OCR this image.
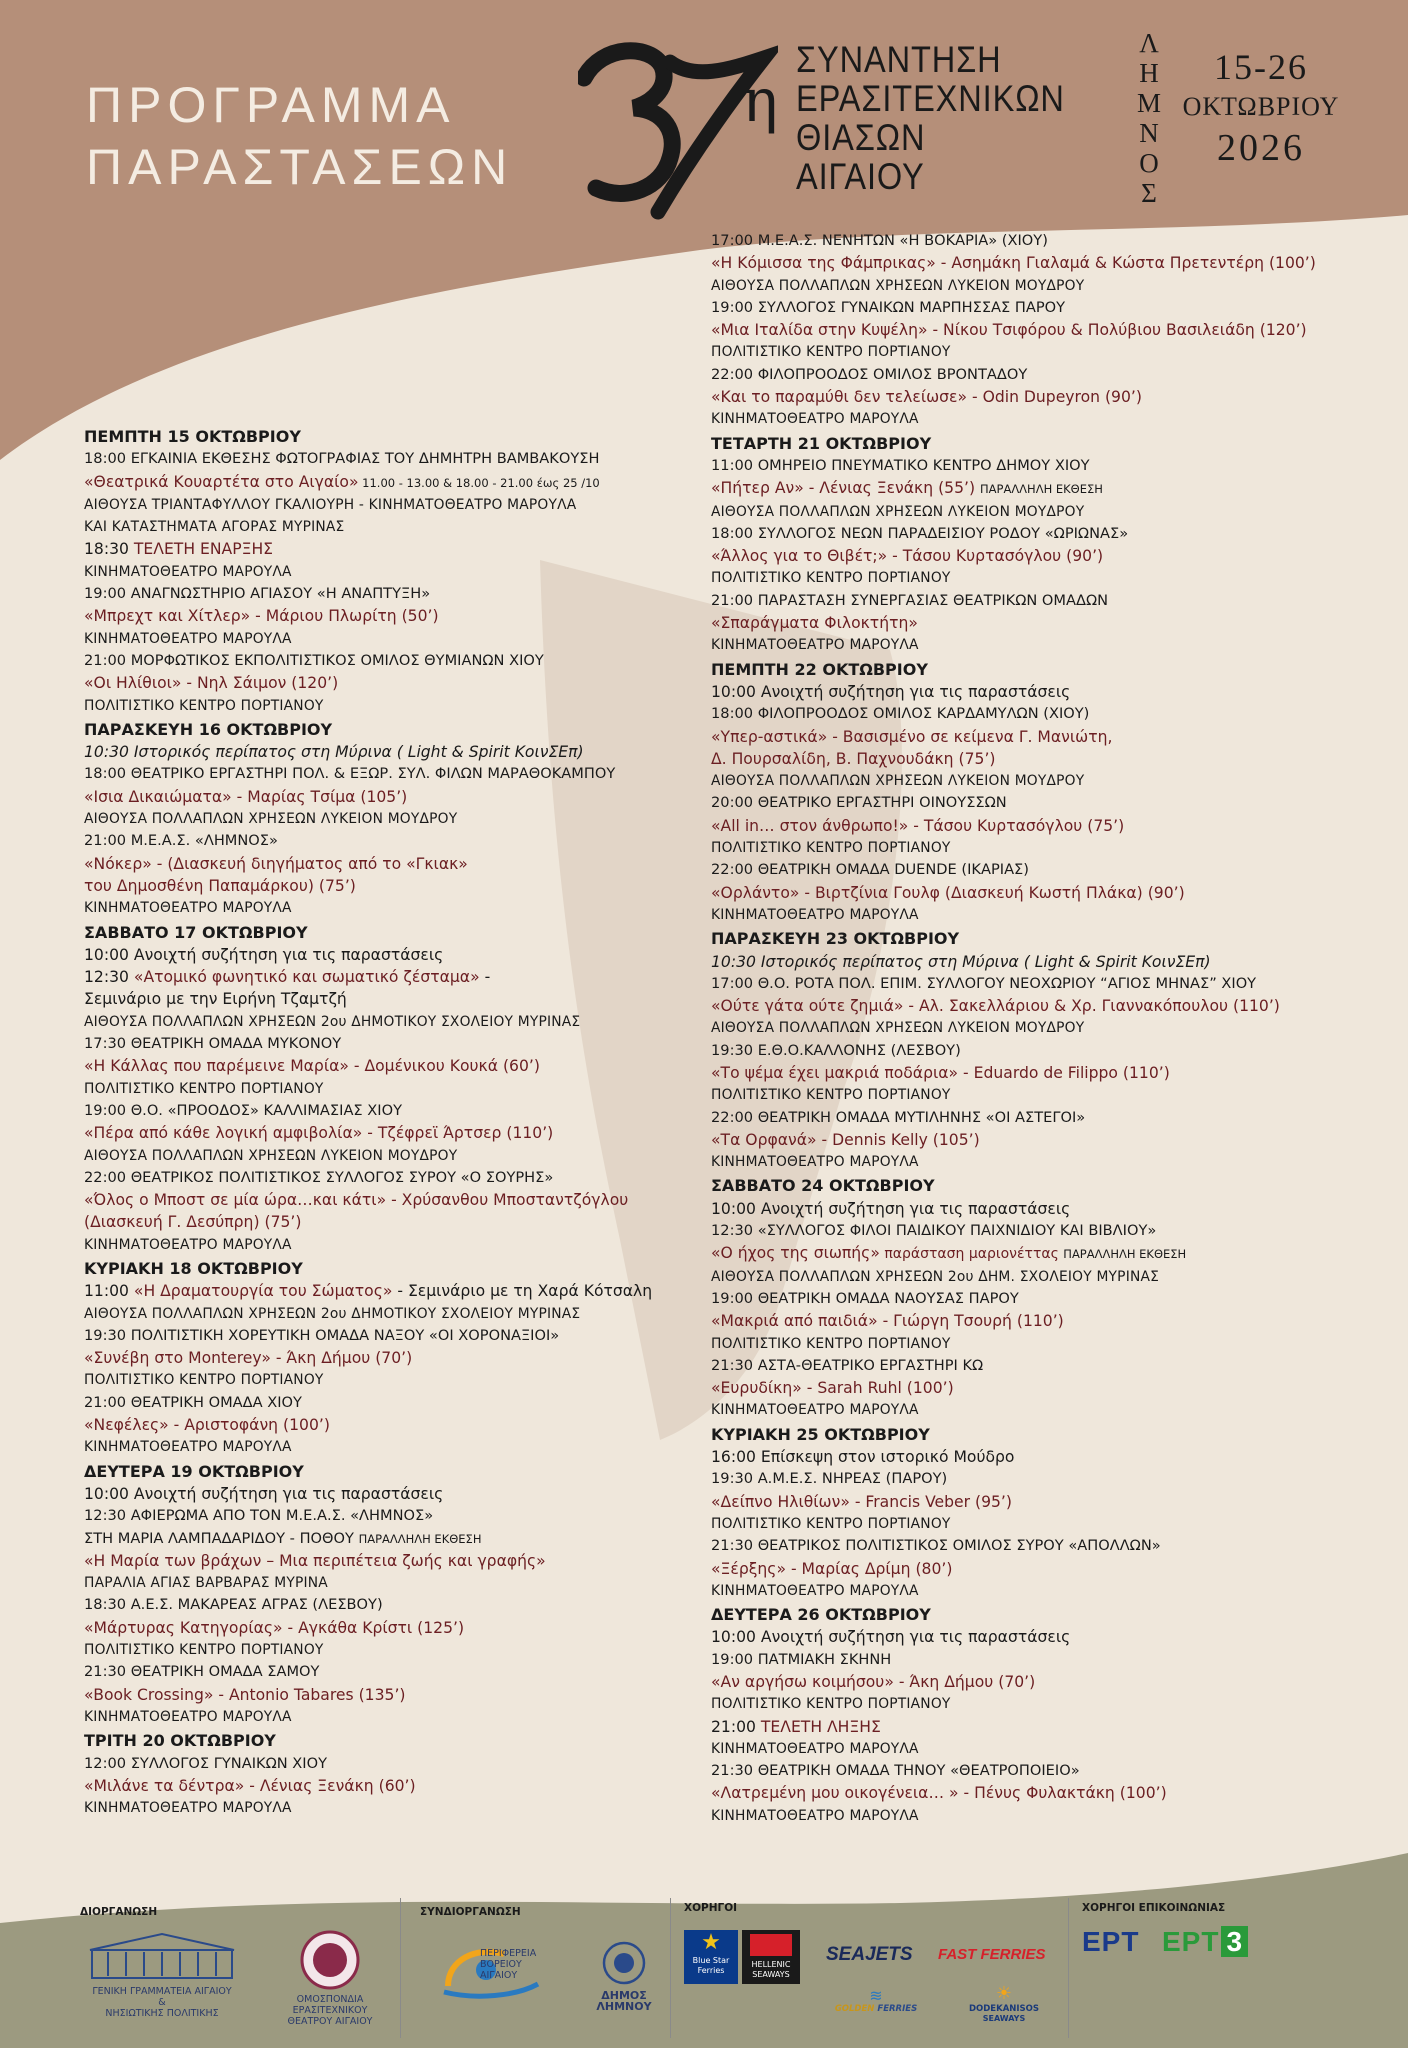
ΠΡΟΓΡΑΜΜΑ
ΠΑΡΑΣΤΑΣΕΩΝ
η
ΣΥΝΑΝΤΗΣΗ
ΕΡΑΣΙΤΕΧΝΙΚΩΝ
ΘΙΑΣΩΝ
ΑΙΓΑΙΟΥ
Λ
Η
Μ
Ν
Ο
Σ
15-26
ΟΚΤΩΒΡΙΟΥ
2026
ΠΕΜΠΤΗ 15 ΟΚΤΩΒΡΙΟΥ
18:00 ΕΓΚΑΙΝΙΑ ΕΚΘΕΣΗΣ ΦΩΤΟΓΡΑΦΙΑΣ ΤΟΥ ΔΗΜΗΤΡΗ ΒΑΜΒΑΚΟΥΣΗ
«Θεατρικά Κουαρτέτα στο Αιγαίο» 11.00 - 13.00 & 18.00 - 21.00 έως 25 /10
ΑΙΘΟΥΣΑ ΤΡΙΑΝΤΑΦΥΛΛΟΥ ΓΚΑΛΙΟΥΡΗ - ΚΙΝΗΜΑΤΟΘΕΑΤΡΟ ΜΑΡΟΥΛΑ
ΚΑΙ ΚΑΤΑΣΤΗΜΑΤΑ ΑΓΟΡΑΣ ΜΥΡΙΝΑΣ
18:30 ΤΕΛΕΤΗ ΕΝΑΡΞΗΣ
ΚΙΝΗΜΑΤΟΘΕΑΤΡΟ ΜΑΡΟΥΛΑ
19:00 ΑΝΑΓΝΩΣΤΗΡΙΟ ΑΓΙΑΣΟΥ «Η ΑΝΑΠΤΥΞΗ»
«Μπρεχτ και Χίτλερ» - Μάριου Πλωρίτη (50’)
ΚΙΝΗΜΑΤΟΘΕΑΤΡΟ ΜΑΡΟΥΛΑ
21:00 ΜΟΡΦΩΤΙΚΟΣ ΕΚΠΟΛΙΤΙΣΤΙΚΟΣ ΟΜΙΛΟΣ ΘΥΜΙΑΝΩΝ ΧΙΟΥ
«Οι Ηλίθιοι» - Νηλ Σάιμον (120’)
ΠΟΛΙΤΙΣΤΙΚΟ ΚΕΝΤΡΟ ΠΟΡΤΙΑΝΟΥ
ΠΑΡΑΣΚΕΥΗ 16 ΟΚΤΩΒΡΙΟΥ
10:30 Ιστορικός περίπατος στη Μύρινα ( Light & Spirit ΚοινΣΕπ)
18:00 ΘΕΑΤΡΙΚΟ ΕΡΓΑΣΤΗΡΙ ΠΟΛ. & ΕΞΩΡ. ΣΥΛ. ΦΙΛΩΝ ΜΑΡΑΘΟΚΑΜΠΟΥ
«Ισια Δικαιώματα» - Μαρίας Τσίμα (105’)
ΑΙΘΟΥΣΑ ΠΟΛΛΑΠΛΩΝ ΧΡΗΣΕΩΝ ΛΥΚΕΙΟΝ ΜΟΥΔΡΟΥ
21:00 Μ.Ε.Α.Σ. «ΛΗΜΝΟΣ»
«Νόκερ» - (Διασκευή διηγήματος από το «Γκιακ»
του Δημοσθένη Παπαμάρκου) (75’)
ΚΙΝΗΜΑΤΟΘΕΑΤΡΟ ΜΑΡΟΥΛΑ
ΣΑΒΒΑΤΟ 17 ΟΚΤΩΒΡΙΟΥ
10:00 Ανοιχτή συζήτηση για τις παραστάσεις
12:30 «Ατομικό φωνητικό και σωματικό ζέσταμα» -
Σεμινάριο με την Ειρήνη Τζαμτζή
ΑΙΘΟΥΣΑ ΠΟΛΛΑΠΛΩΝ ΧΡΗΣΕΩΝ 2ου ΔΗΜΟΤΙΚΟΥ ΣΧΟΛΕΙΟΥ ΜΥΡΙΝΑΣ
17:30 ΘΕΑΤΡΙΚΗ ΟΜΑΔΑ ΜΥΚΟΝΟΥ
«Η Κάλλας που παρέμεινε Μαρία» - Δομένικου Κουκά (60’)
ΠΟΛΙΤΙΣΤΙΚΟ ΚΕΝΤΡΟ ΠΟΡΤΙΑΝΟΥ
19:00 Θ.Ο. «ΠΡΟΟΔΟΣ» ΚΑΛΛΙΜΑΣΙΑΣ ΧΙΟΥ
«Πέρα από κάθε λογική αμφιβολία» - Τζέφρεϊ Άρτσερ (110’)
ΑΙΘΟΥΣΑ ΠΟΛΛΑΠΛΩΝ ΧΡΗΣΕΩΝ ΛΥΚΕΙΟΝ ΜΟΥΔΡΟΥ
22:00 ΘΕΑΤΡΙΚΟΣ ΠΟΛΙΤΙΣΤΙΚΟΣ ΣΥΛΛΟΓΟΣ ΣΥΡΟΥ «Ο ΣΟΥΡΗΣ»
«Όλος ο Μποστ σε μία ώρα…και κάτι» - Χρύσανθου Μποσταντζόγλου
(Διασκευή Γ. Δεσύπρη) (75’)
ΚΙΝΗΜΑΤΟΘΕΑΤΡΟ ΜΑΡΟΥΛΑ
ΚΥΡΙΑΚΗ 18 ΟΚΤΩΒΡΙΟΥ
11:00 «Η Δραματουργία του Σώματος» - Σεμινάριο με τη Χαρά Κότσαλη
ΑΙΘΟΥΣΑ ΠΟΛΛΑΠΛΩΝ ΧΡΗΣΕΩΝ 2ου ΔΗΜΟΤΙΚΟΥ ΣΧΟΛΕΙΟΥ ΜΥΡΙΝΑΣ
19:30 ΠΟΛΙΤΙΣΤΙΚΗ ΧΟΡΕΥΤΙΚΗ ΟΜΑΔΑ ΝΑΞΟΥ «ΟΙ ΧΟΡΟΝΑΞΙΟΙ»
«Συνέβη στο Monterey» - Άκη Δήμου (70’)
ΠΟΛΙΤΙΣΤΙΚΟ ΚΕΝΤΡΟ ΠΟΡΤΙΑΝΟΥ
21:00 ΘΕΑΤΡΙΚΗ ΟΜΑΔΑ ΧΙΟΥ
«Νεφέλες» - Αριστοφάνη (100’)
ΚΙΝΗΜΑΤΟΘΕΑΤΡΟ ΜΑΡΟΥΛΑ
ΔΕΥΤΕΡΑ 19 ΟΚΤΩΒΡΙΟΥ
10:00 Ανοιχτή συζήτηση για τις παραστάσεις
12:30 ΑΦΙΕΡΩΜΑ ΑΠΟ ΤΟΝ Μ.Ε.Α.Σ. «ΛΗΜΝΟΣ»
ΣΤΗ ΜΑΡΙΑ ΛΑΜΠΑΔΑΡΙΔΟΥ - ΠΟΘΟΥ ΠΑΡΑΛΛΗΛΗ ΕΚΘΕΣΗ
«Η Μαρία των βράχων – Μια περιπέτεια ζωής και γραφής»
ΠΑΡΑΛΙΑ ΑΓΙΑΣ ΒΑΡΒΑΡΑΣ ΜΥΡΙΝΑ
18:30 Α.Ε.Σ. ΜΑΚΑΡΕΑΣ ΑΓΡΑΣ (ΛΕΣΒΟΥ)
«Μάρτυρας Κατηγορίας» - Αγκάθα Κρίστι (125’)
ΠΟΛΙΤΙΣΤΙΚΟ ΚΕΝΤΡΟ ΠΟΡΤΙΑΝΟΥ
21:30 ΘΕΑΤΡΙΚΗ ΟΜΑΔΑ ΣΑΜΟΥ
«Book Crossing» - Antonio Tabares (135’)
ΚΙΝΗΜΑΤΟΘΕΑΤΡΟ ΜΑΡΟΥΛΑ
ΤΡΙΤΗ 20 ΟΚΤΩΒΡΙΟΥ
12:00 ΣΥΛΛΟΓΟΣ ΓΥΝΑΙΚΩΝ ΧΙΟΥ
«Μιλάνε τα δέντρα» - Λένιας Ξενάκη (60’)
ΚΙΝΗΜΑΤΟΘΕΑΤΡΟ ΜΑΡΟΥΛΑ
17:00 Μ.Ε.Α.Σ. ΝΕΝΗΤΩΝ «Η ΒΟΚΑΡΙΑ» (ΧΙΟΥ)
«Η Κόμισσα της Φάμπρικας» - Ασημάκη Γιαλαμά & Κώστα Πρετεντέρη (100’)
ΑΙΘΟΥΣΑ ΠΟΛΛΑΠΛΩΝ ΧΡΗΣΕΩΝ ΛΥΚΕΙΟΝ ΜΟΥΔΡΟΥ
19:00 ΣΥΛΛΟΓΟΣ ΓΥΝΑΙΚΩΝ ΜΑΡΠΗΣΣΑΣ ΠΑΡΟΥ
«Μια Ιταλίδα στην Κυψέλη» - Νίκου Τσιφόρου & Πολύβιου Βασιλειάδη (120’)
ΠΟΛΙΤΙΣΤΙΚΟ ΚΕΝΤΡΟ ΠΟΡΤΙΑΝΟΥ
22:00 ΦΙΛΟΠΡΟΟΔΟΣ ΟΜΙΛΟΣ ΒΡΟΝΤΑΔΟΥ
«Και το παραμύθι δεν τελείωσε» - Odin Dupeyron (90’)
ΚΙΝΗΜΑΤΟΘΕΑΤΡΟ ΜΑΡΟΥΛΑ
ΤΕΤΑΡΤΗ 21 ΟΚΤΩΒΡΙΟΥ
11:00 ΟΜΗΡΕΙΟ ΠΝΕΥΜΑΤΙΚΟ ΚΕΝΤΡΟ ΔΗΜΟΥ ΧΙΟΥ
«Πήτερ Αν» - Λένιας Ξενάκη (55’) ΠΑΡΑΛΛΗΛΗ ΕΚΘΕΣΗ
ΑΙΘΟΥΣΑ ΠΟΛΛΑΠΛΩΝ ΧΡΗΣΕΩΝ ΛΥΚΕΙΟΝ ΜΟΥΔΡΟΥ
18:00 ΣΥΛΛΟΓΟΣ ΝΕΩΝ ΠΑΡΑΔΕΙΣΙΟΥ ΡΟΔΟΥ «ΩΡΙΩΝΑΣ»
«Άλλος για το Θιβέτ;» - Τάσου Κυρτασόγλου (90’)
ΠΟΛΙΤΙΣΤΙΚΟ ΚΕΝΤΡΟ ΠΟΡΤΙΑΝΟΥ
21:00 ΠΑΡΑΣΤΑΣΗ ΣΥΝΕΡΓΑΣΙΑΣ ΘΕΑΤΡΙΚΩΝ ΟΜΑΔΩΝ
«Σπαράγματα Φιλοκτήτη»
ΚΙΝΗΜΑΤΟΘΕΑΤΡΟ ΜΑΡΟΥΛΑ
ΠΕΜΠΤΗ 22 ΟΚΤΩΒΡΙΟΥ
10:00 Ανοιχτή συζήτηση για τις παραστάσεις
18:00 ΦΙΛΟΠΡΟΟΔΟΣ ΟΜΙΛΟΣ ΚΑΡΔΑΜΥΛΩΝ (ΧΙΟΥ)
«Υπερ-αστικά» - Βασισμένο σε κείμενα Γ. Μανιώτη,
Δ. Πουρσαλίδη, Β. Παχνουδάκη (75’)
ΑΙΘΟΥΣΑ ΠΟΛΛΑΠΛΩΝ ΧΡΗΣΕΩΝ ΛΥΚΕΙΟΝ ΜΟΥΔΡΟΥ
20:00 ΘΕΑΤΡΙΚΟ ΕΡΓΑΣΤΗΡΙ ΟΙΝΟΥΣΣΩΝ
«All in… στον άνθρωπο!» - Τάσου Κυρτασόγλου (75’)
ΠΟΛΙΤΙΣΤΙΚΟ ΚΕΝΤΡΟ ΠΟΡΤΙΑΝΟΥ
22:00 ΘΕΑΤΡΙΚΗ ΟΜΑΔΑ DUENDE (ΙΚΑΡΙΑΣ)
«Ορλάντο» - Βιρτζίνια Γουλφ (Διασκευή Κωστή Πλάκα) (90’)
ΚΙΝΗΜΑΤΟΘΕΑΤΡΟ ΜΑΡΟΥΛΑ
ΠΑΡΑΣΚΕΥΗ 23 ΟΚΤΩΒΡΙΟΥ
10:30 Ιστορικός περίπατος στη Μύρινα ( Light & Spirit ΚοινΣΕπ)
17:00 Θ.Ο. ΡΟΤΑ ΠΟΛ. ΕΠΙΜ. ΣΥΛΛΟΓΟΥ ΝΕΟΧΩΡΙΟΥ “ΑΓΙΟΣ ΜΗΝΑΣ” ΧΙΟΥ
«Ούτε γάτα ούτε ζημιά» - Αλ. Σακελλάριου & Χρ. Γιαννακόπουλου (110’)
ΑΙΘΟΥΣΑ ΠΟΛΛΑΠΛΩΝ ΧΡΗΣΕΩΝ ΛΥΚΕΙΟΝ ΜΟΥΔΡΟΥ
19:30 Ε.Θ.Ο.ΚΑΛΛΟΝΗΣ (ΛΕΣΒΟΥ)
«Το ψέμα έχει μακριά ποδάρια» - Eduardo de Filippo (110’)
ΠΟΛΙΤΙΣΤΙΚΟ ΚΕΝΤΡΟ ΠΟΡΤΙΑΝΟΥ
22:00 ΘΕΑΤΡΙΚΗ ΟΜΑΔΑ ΜΥΤΙΛΗΝΗΣ «ΟΙ ΑΣΤΕΓΟΙ»
«Τα Ορφανά» - Dennis Kelly (105’)
ΚΙΝΗΜΑΤΟΘΕΑΤΡΟ ΜΑΡΟΥΛΑ
ΣΑΒΒΑΤΟ 24 ΟΚΤΩΒΡΙΟΥ
10:00 Ανοιχτή συζήτηση για τις παραστάσεις
12:30 «ΣΥΛΛΟΓΟΣ ΦΙΛΟΙ ΠΑΙΔΙΚΟΥ ΠΑΙΧΝΙΔΙΟΥ ΚΑΙ ΒΙΒΛΙΟΥ»
«Ο ήχος της σιωπής» παράσταση μαριονέττας ΠΑΡΑΛΛΗΛΗ ΕΚΘΕΣΗ
ΑΙΘΟΥΣΑ ΠΟΛΛΑΠΛΩΝ ΧΡΗΣΕΩΝ 2ου ΔΗΜ. ΣΧΟΛΕΙΟΥ ΜΥΡΙΝΑΣ
19:00 ΘΕΑΤΡΙΚΗ ΟΜΑΔΑ ΝΑΟΥΣΑΣ ΠΑΡΟΥ
«Μακριά από παιδιά» - Γιώργη Τσουρή (110’)
ΠΟΛΙΤΙΣΤΙΚΟ ΚΕΝΤΡΟ ΠΟΡΤΙΑΝΟΥ
21:30 ΑΣΤΑ-ΘΕΑΤΡΙΚΟ ΕΡΓΑΣΤΗΡΙ ΚΩ
«Ευρυδίκη» - Sarah Ruhl (100’)
ΚΙΝΗΜΑΤΟΘΕΑΤΡΟ ΜΑΡΟΥΛΑ
ΚΥΡΙΑΚΗ 25 ΟΚΤΩΒΡΙΟΥ
16:00 Επίσκεψη στον ιστορικό Μούδρο
19:30 Α.Μ.Ε.Σ. ΝΗΡΕΑΣ (ΠΑΡΟΥ)
«Δείπνο Ηλιθίων» - Francis Veber (95’)
ΠΟΛΙΤΙΣΤΙΚΟ ΚΕΝΤΡΟ ΠΟΡΤΙΑΝΟΥ
21:30 ΘΕΑΤΡΙΚΟΣ ΠΟΛΙΤΙΣΤΙΚΟΣ ΟΜΙΛΟΣ ΣΥΡΟΥ «ΑΠΟΛΛΩΝ»
«Ξέρξης» - Μαρίας Δρίμη (80’)
ΚΙΝΗΜΑΤΟΘΕΑΤΡΟ ΜΑΡΟΥΛΑ
ΔΕΥΤΕΡΑ 26 ΟΚΤΩΒΡΙΟΥ
10:00 Ανοιχτή συζήτηση για τις παραστάσεις
19:00 ΠΑΤΜΙΑΚΗ ΣΚΗΝΗ
«Αν αργήσω κοιμήσου» - Άκη Δήμου (70’)
ΠΟΛΙΤΙΣΤΙΚΟ ΚΕΝΤΡΟ ΠΟΡΤΙΑΝΟΥ
21:00 ΤΕΛΕΤΗ ΛΗΞΗΣ
ΚΙΝΗΜΑΤΟΘΕΑΤΡΟ ΜΑΡΟΥΛΑ
21:30 ΘΕΑΤΡΙΚΗ ΟΜΑΔΑ ΤΗΝΟΥ «ΘΕΑΤΡΟΠΟΙΕΙΟ»
«Λατρεμένη μου οικογένεια… » - Πένυς Φυλακτάκη (100’)
ΚΙΝΗΜΑΤΟΘΕΑΤΡΟ ΜΑΡΟΥΛΑ
ΔΙΟΡΓΑΝΩΣΗ	ΣΥΝΔΙΟΡΓΑΝΩΣΗ	ΧΟΡΗΓΟΙ	ΧΟΡΗΓΟΙ ΕΠΙΚΟΙΝΩΝΙΑΣ
ΓΕΝΙΚΗ ΓΡΑΜΜΑΤΕΙΑ ΑΙΓΑΙΟΥ
&
ΝΗΣΙΩΤΙΚΗΣ ΠΟΛΙΤΙΚΗΣ
ΟΜΟΣΠΟΝΔΙΑ ΕΡΑΣΙΤΕΧΝΙΚΟΥ
ΘΕΑΤΡΟΥ ΑΙΓΑΙΟΥ
ΠΕΡΙΦΕΡΕΙΑ
ΒΟΡΕΙΟΥ
ΑΙΓΑΙΟΥ
ΔΗΜΟΣ
ΛΗΜΝΟΥ
★
Blue Star Ferries
HELLENIC SEAWAYS
SEAJETS FAST FERRIES
≋
GOLDEN FERRIES
☀
DODEKANISOS
SEAWAYS
ΕΡΤ ΕΡΤ 3
